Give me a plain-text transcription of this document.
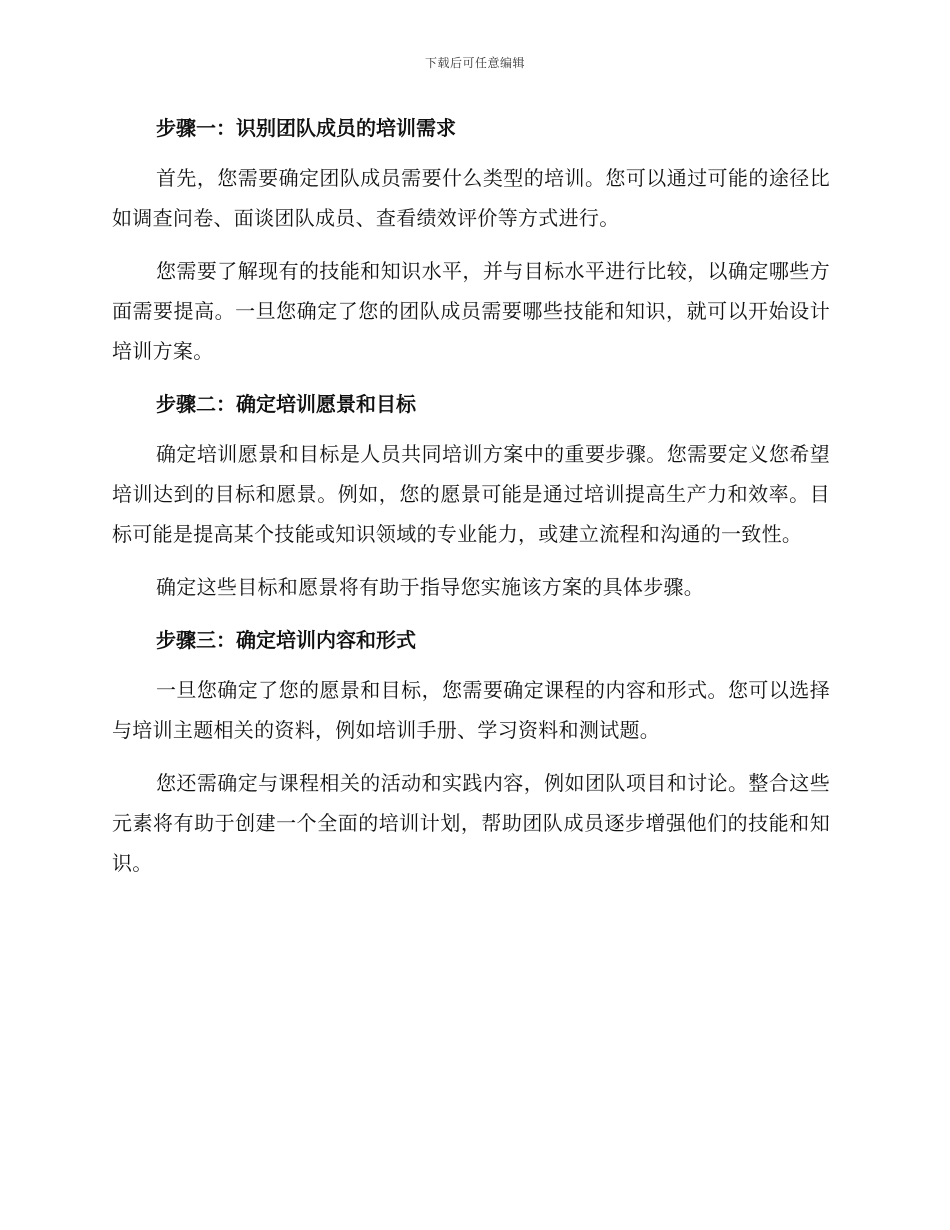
下载后可任意编辑

步骤一：识别团队成员的培训需求

首先，您需要确定团队成员需要什么类型的培训。您可以通过可能的途径比如调查问卷、面谈团队成员、查看绩效评价等方式进行。

您需要了解现有的技能和知识水平，并与目标水平进行比较，以确定哪些方面需要提高。一旦您确定了您的团队成员需要哪些技能和知识，就可以开始设计培训方案。

步骤二：确定培训愿景和目标

确定培训愿景和目标是人员共同培训方案中的重要步骤。您需要定义您希望培训达到的目标和愿景。例如，您的愿景可能是通过培训提高生产力和效率。目标可能是提高某个技能或知识领域的专业能力，或建立流程和沟通的一致性。

确定这些目标和愿景将有助于指导您实施该方案的具体步骤。

步骤三：确定培训内容和形式

一旦您确定了您的愿景和目标，您需要确定课程的内容和形式。您可以选择与培训主题相关的资料，例如培训手册、学习资料和测试题。

您还需确定与课程相关的活动和实践内容，例如团队项目和讨论。整合这些元素将有助于创建一个全面的培训计划，帮助团队成员逐步增强他们的技能和知识。
